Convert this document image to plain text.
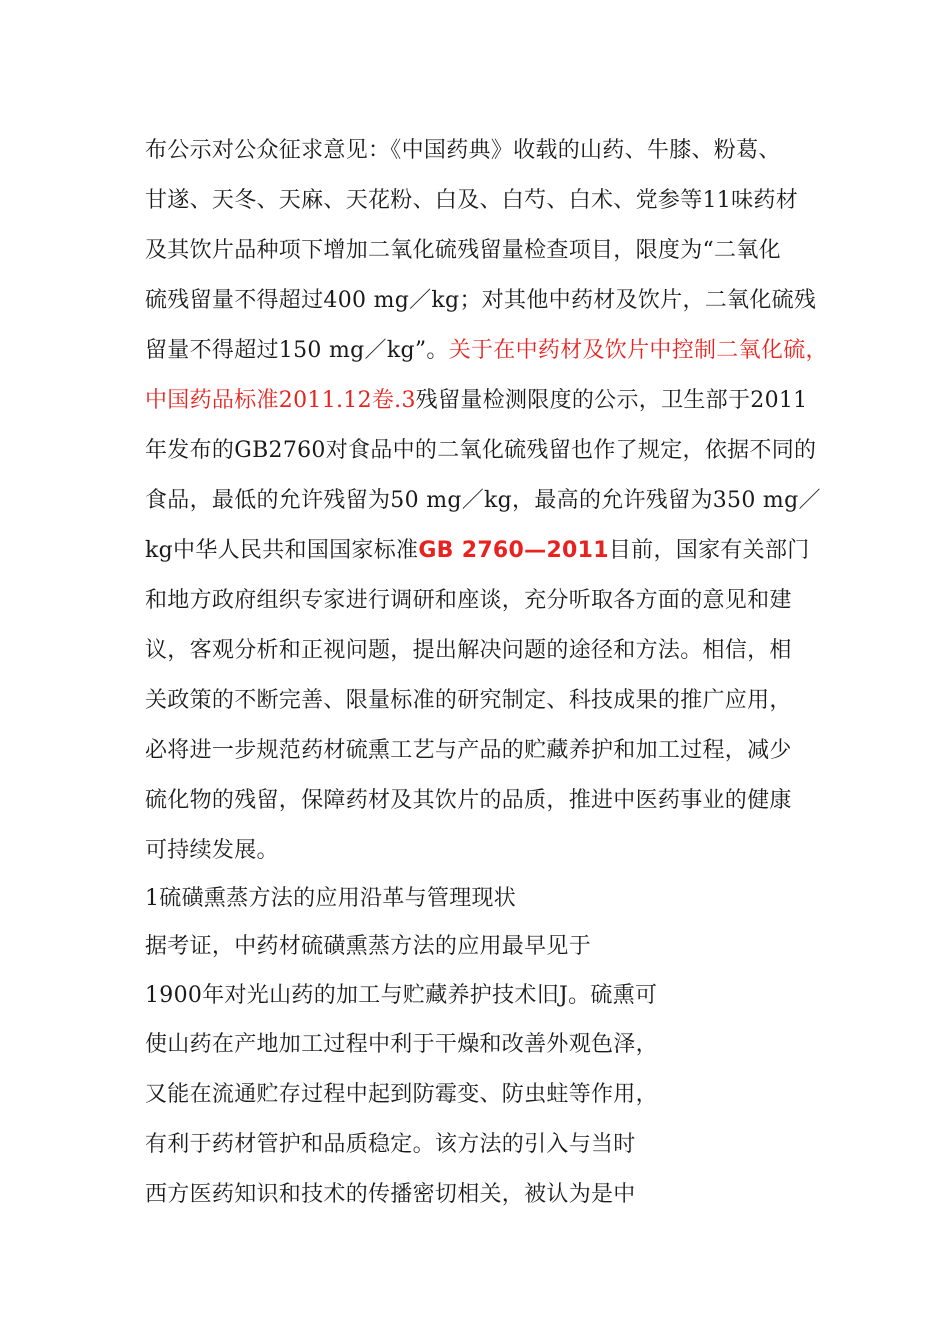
布公示对公众征求意见：《中国药典》收载的山药、牛膝、粉葛、
甘遂、天冬、天麻、天花粉、白及、白芍、白术、党参等11味药材
及其饮片品种项下增加二氧化硫残留量检查项目，限度为“二氧化
硫残留量不得超过400 mg／kg；对其他中药材及饮片，二氧化硫残
留量不得超过150 mg／kg”。关于在中药材及饮片中控制二氧化硫，
中国药品标准2011.12卷.3残留量检测限度的公示，卫生部于2011
年发布的GB2760对食品中的二氧化硫残留也作了规定，依据不同的
食品，最低的允许残留为50 mg／kg，最高的允许残留为350 mg／
kg中华人民共和国国家标准GB 2760—2011目前，国家有关部门
和地方政府组织专家进行调研和座谈，充分听取各方面的意见和建
议，客观分析和正视问题，提出解决问题的途径和方法。相信，相
关政策的不断完善、限量标准的研究制定、科技成果的推广应用，
必将进一步规范药材硫熏工艺与产品的贮藏养护和加工过程，减少
硫化物的残留，保障药材及其饮片的品质，推进中医药事业的健康
可持续发展。
1硫磺熏蒸方法的应用沿革与管理现状
据考证，中药材硫磺熏蒸方法的应用最早见于
1900年对光山药的加工与贮藏养护技术旧J。硫熏可
使山药在产地加工过程中利于干燥和改善外观色泽，
又能在流通贮存过程中起到防霉变、防虫蛀等作用，
有利于药材管护和品质稳定。该方法的引入与当时
西方医药知识和技术的传播密切相关，被认为是中
